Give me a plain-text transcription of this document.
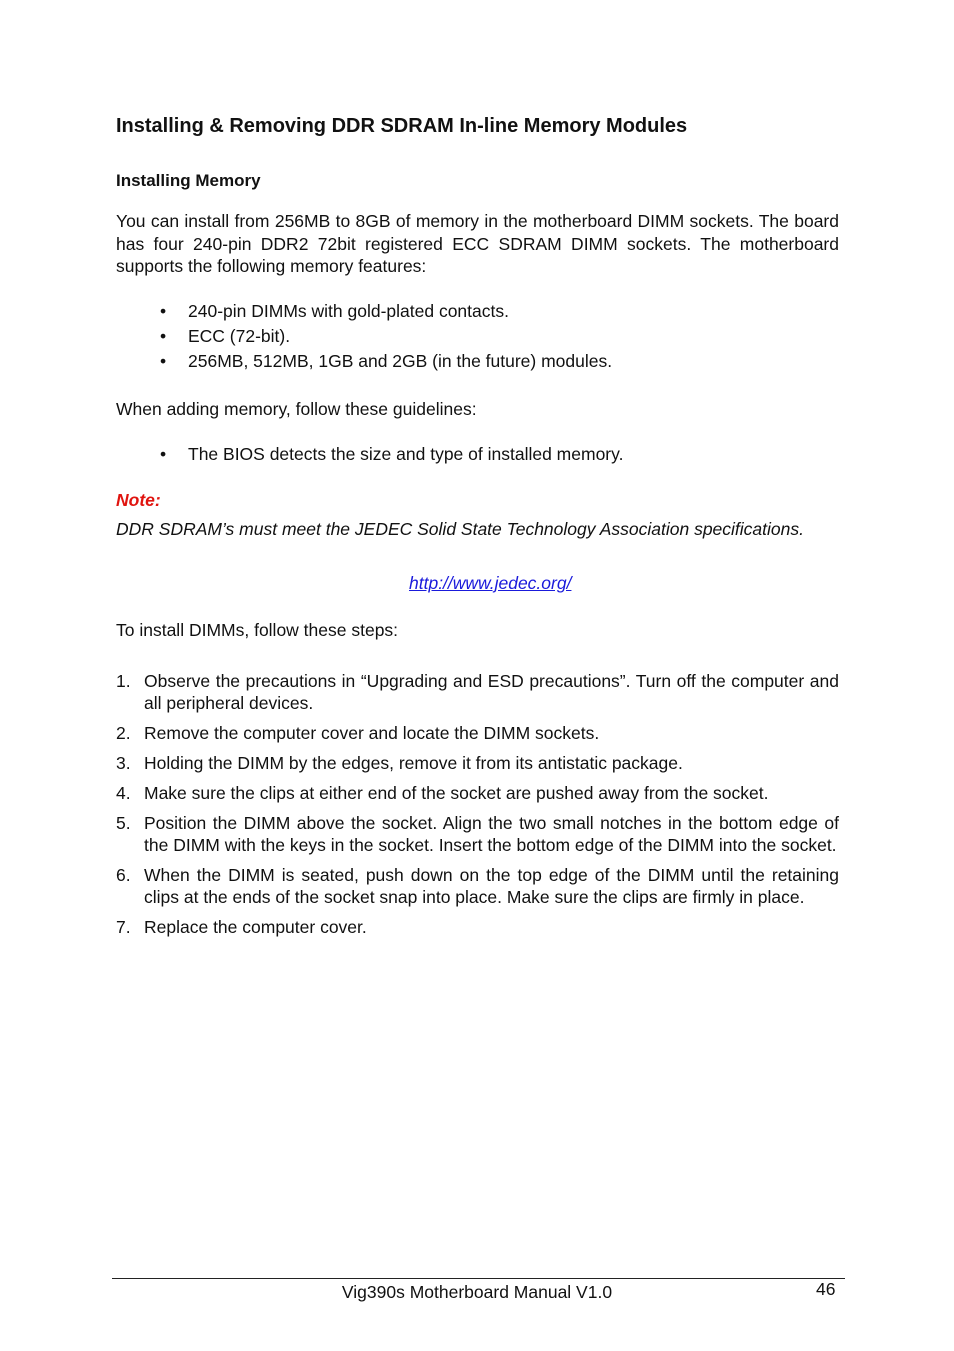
Installing & Removing DDR SDRAM In-line Memory Modules
Installing Memory

You can install from 256MB to 8GB of memory in the motherboard DIMM sockets. The board has four 240-pin DDR2 72bit registered ECC SDRAM DIMM sockets. The motherboard supports the following memory features:

• 240-pin DIMMs with gold-plated contacts.
• ECC (72-bit).
• 256MB, 512MB, 1GB and 2GB (in the future) modules.

When adding memory, follow these guidelines:

• The BIOS detects the size and type of installed memory.
Note:

DDR SDRAM’s must meet the JEDEC Solid State Technology Association specifications.

http://www.jedec.org/

To install DIMMs, follow these steps:

1. Observe the precautions in “Upgrading and ESD precautions”. Turn off the computer and all peripheral devices.
2. Remove the computer cover and locate the DIMM sockets.
3. Holding the DIMM by the edges, remove it from its antistatic package.
4. Make sure the clips at either end of the socket are pushed away from the socket.
5. Position the DIMM above the socket. Align the two small notches in the bottom edge of the DIMM with the keys in the socket. Insert the bottom edge of the DIMM into the socket.
6. When the DIMM is seated, push down on the top edge of the DIMM until the retaining clips at the ends of the socket snap into place. Make sure the clips are firmly in place.
7. Replace the computer cover.
Vig390s Motherboard Manual V1.0	46
